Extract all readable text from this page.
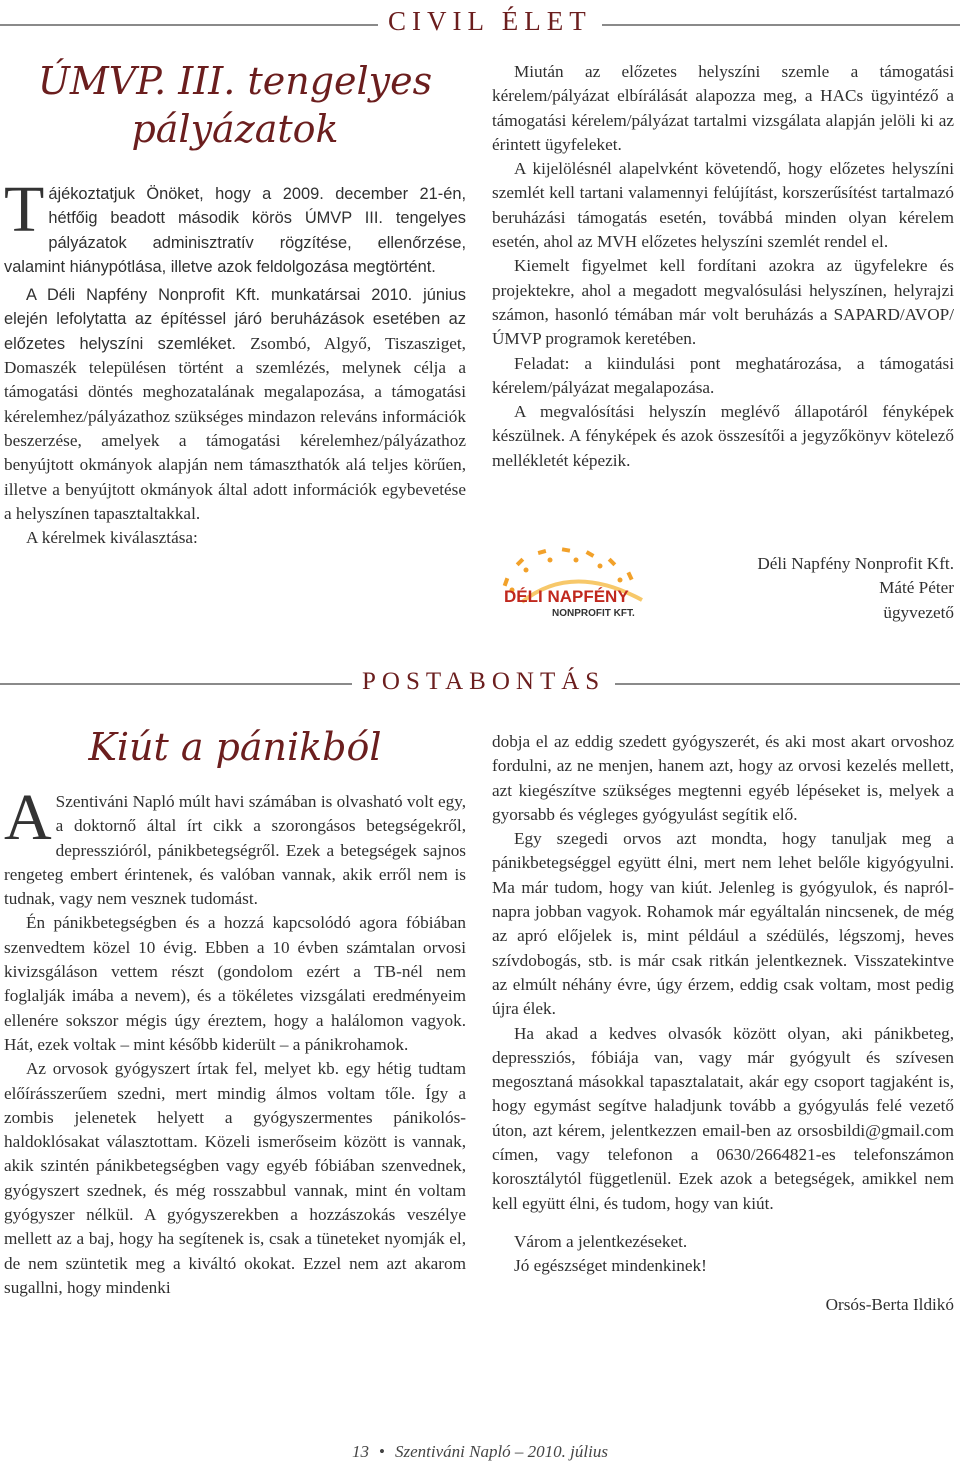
CIVIL ÉLET
ÚMVP. III. tengelyes
pályázatok

Tájékoztatjuk Önöket, hogy a 2009. december 21-én, hétfőig beadott második körös ÚMVP III. tengelyes pályázatok adminisztratív rögzítése, ellenőrzése, valamint hiánypótlása, illetve azok feldolgozása megtörtént.

A Déli Napfény Nonprofit Kft. munkatársai 2010. június elején lefolytatta az építéssel járó beruházások esetében az előzetes helyszíni szemléket. Zsombó, Algyő, Tiszasziget, Domaszék településen történt a szemlézés, melynek célja a támogatási döntés meghozatalának megalapozása, a támogatási kérelemhez/pályázathoz szükséges mindazon releváns információk beszerzése, amelyek a támogatási kérelemhez/pályázathoz benyújtott okmányok alapján nem támaszthatók alá teljes körűen, illetve a benyújtott okmányok által adott információk egybevetése a helyszínen tapasztaltakkal.

A kérelmek kiválasztása:

Miután az előzetes helyszíni szemle a támogatási kérelem/pályázat elbírálását alapozza meg, a HACs ügyintéző a támogatási kérelem/pályázat tartalmi vizsgálata alapján jelöli ki az érintett ügyfeleket.

A kijelölésnél alapelvként követendő, hogy előzetes helyszíni szemlét kell tartani valamennyi felújítást, korszerűsítést tartalmazó beruházási támogatás esetén, továbbá minden olyan kérelem esetén, ahol az MVH előzetes helyszíni szemlét rendel el.

Kiemelt figyelmet kell fordítani azokra az ügyfelekre és projektekre, ahol a megadott megvalósulási helyszínen, helyrajzi számon, hasonló témában már volt beruházás a SAPARD/AVOP/ÚMVP programok keretében.

Feladat: a kiindulási pont meghatározása, a támogatási kérelem/pályázat megalapozása.

A megvalósítási helyszín meglévő állapotáról fényképek készülnek. A fényképek és azok összesítői a jegyzőkönyv kötelező mellékletét képezik.

DÉLI NAPFÉNY
NONPROFIT KFT.
Déli Napfény Nonprofit Kft.
Máté Péter
ügyvezető
POSTABONTÁS
Kiút a pánikból

A Szentiváni Napló múlt havi számában is olvasható volt egy, a doktornő által írt cikk a szorongásos betegségekről, depresszióról, pánikbetegségről. Ezek a betegségek sajnos rengeteg embert érintenek, és valóban vannak, akik erről nem is tudnak, vagy nem vesznek tudomást.

Én pánikbetegségben és a hozzá kapcsolódó agora fóbiában szenvedtem közel 10 évig. Ebben a 10 évben számtalan orvosi kivizsgáláson vettem részt (gondolom ezért a TB-nél nem foglalják imába a nevem), és a tökéletes vizsgálati eredményeim ellenére sokszor mégis úgy éreztem, hogy a halálomon vagyok. Hát, ezek voltak – mint később kiderült – a pánikrohamok.

Az orvosok gyógyszert írtak fel, melyet kb. egy hétig tudtam előírásszerűem szedni, mert mindig álmos voltam tőle. Így a zombis jelenetek helyett a gyógyszermentes pánikolós-haldoklósakat választottam. Közeli ismerőseim között is vannak, akik szintén pánikbetegségben vagy egyéb fóbiában szenvednek, gyógyszert szednek, és még rosszabbul vannak, mint én voltam gyógyszer nélkül. A gyógyszerekben a hozzászokás veszélye mellett az a baj, hogy ha segítenek is, csak a tüneteket nyomják el, de nem szüntetik meg a kiváltó okokat. Ezzel nem azt akarom sugallni, hogy mindenki

dobja el az eddig szedett gyógyszerét, és aki most akart orvoshoz fordulni, az ne menjen, hanem azt, hogy az orvosi kezelés mellett, azt kiegészítve szükséges megtenni egyéb lépéseket is, melyek a gyorsabb és végleges gyógyulást segítik elő.

Egy szegedi orvos azt mondta, hogy tanuljak meg a pánikbetegséggel együtt élni, mert nem lehet belőle kigyógyulni. Ma már tudom, hogy van kiút. Jelenleg is gyógyulok, és napról-napra jobban vagyok. Rohamok már egyáltalán nincsenek, de még az apró előjelek is, mint például a szédülés, légszomj, heves szívdobogás, stb. is már csak ritkán jelentkeznek. Visszatekintve az elmúlt néhány évre, úgy érzem, eddig csak voltam, most pedig újra élek.

Ha akad a kedves olvasók között olyan, aki pánikbeteg, depressziós, fóbiája van, vagy már gyógyult és szívesen megosztaná másokkal tapasztalatait, akár egy csoport tagjaként is, hogy egymást segítve haladjunk tovább a gyógyulás felé vezető úton, azt kérem, jelentkezzen email-ben az orsosbildi@gmail.com címen, vagy telefonon a 0630/2664821-es telefonszámon korosztálytól függetlenül. Ezek azok a betegségek, amikkel nem kell együtt élni, és tudom, hogy van kiút.

Várom a jelentkezéseket.

Jó egészséget mindenkinek!

Orsós-Berta Ildikó

13 • Szentiváni Napló – 2010. július
